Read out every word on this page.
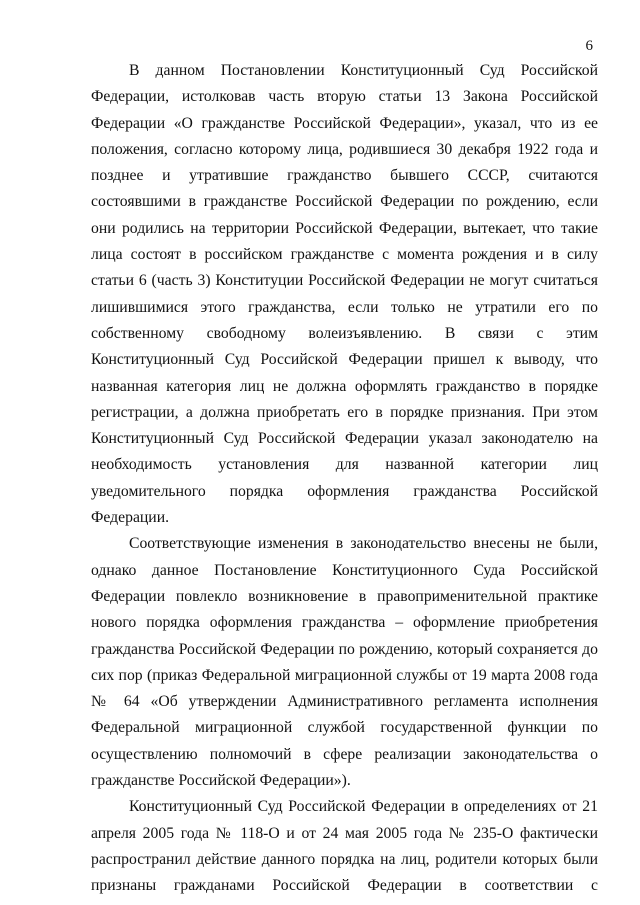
6

В данном Постановлении Конституционный Суд Российской Федерации, истолковав часть вторую статьи 13 Закона Российской Федерации «О гражданстве Российской Федерации», указал, что из ее положения, согласно которому лица, родившиеся 30 декабря 1922 года и позднее и утратившие гражданство бывшего СССР, считаются состоявшими в гражданстве Российской Федерации по рождению, если они родились на территории Российской Федерации, вытекает, что такие лица состоят в российском гражданстве с момента рождения и в силу статьи 6 (часть 3) Конституции Российской Федерации не могут считаться лишившимися этого гражданства, если только не утратили его по собственному свободному волеизъявлению. В связи с этим Конституционный Суд Российской Федерации пришел к выводу, что названная категория лиц не должна оформлять гражданство в порядке регистрации, а должна приобретать его в порядке признания. При этом Конституционный Суд Российской Федерации указал законодателю на необходимость установления для названной категории лиц уведомительного порядка оформления гражданства Российской Федерации.

Соответствующие изменения в законодательство внесены не были, однако данное Постановление Конституционного Суда Российской Федерации повлекло возникновение в правоприменительной практике нового порядка оформления гражданства – оформление приобретения гражданства Российской Федерации по рождению, который сохраняется до сих пор (приказ Федеральной миграционной службы от 19 марта 2008 года № 64 «Об утверждении Административного регламента исполнения Федеральной миграционной службой государственной функции по осуществлению полномочий в сфере реализации законодательства о гражданстве Российской Федерации»).

Конституционный Суд Российской Федерации в определениях от 21 апреля 2005 года № 118-О и от 24 мая 2005 года № 235-О фактически распространил действие данного порядка на лиц, родители которых были признаны гражданами Российской Федерации в соответствии с
